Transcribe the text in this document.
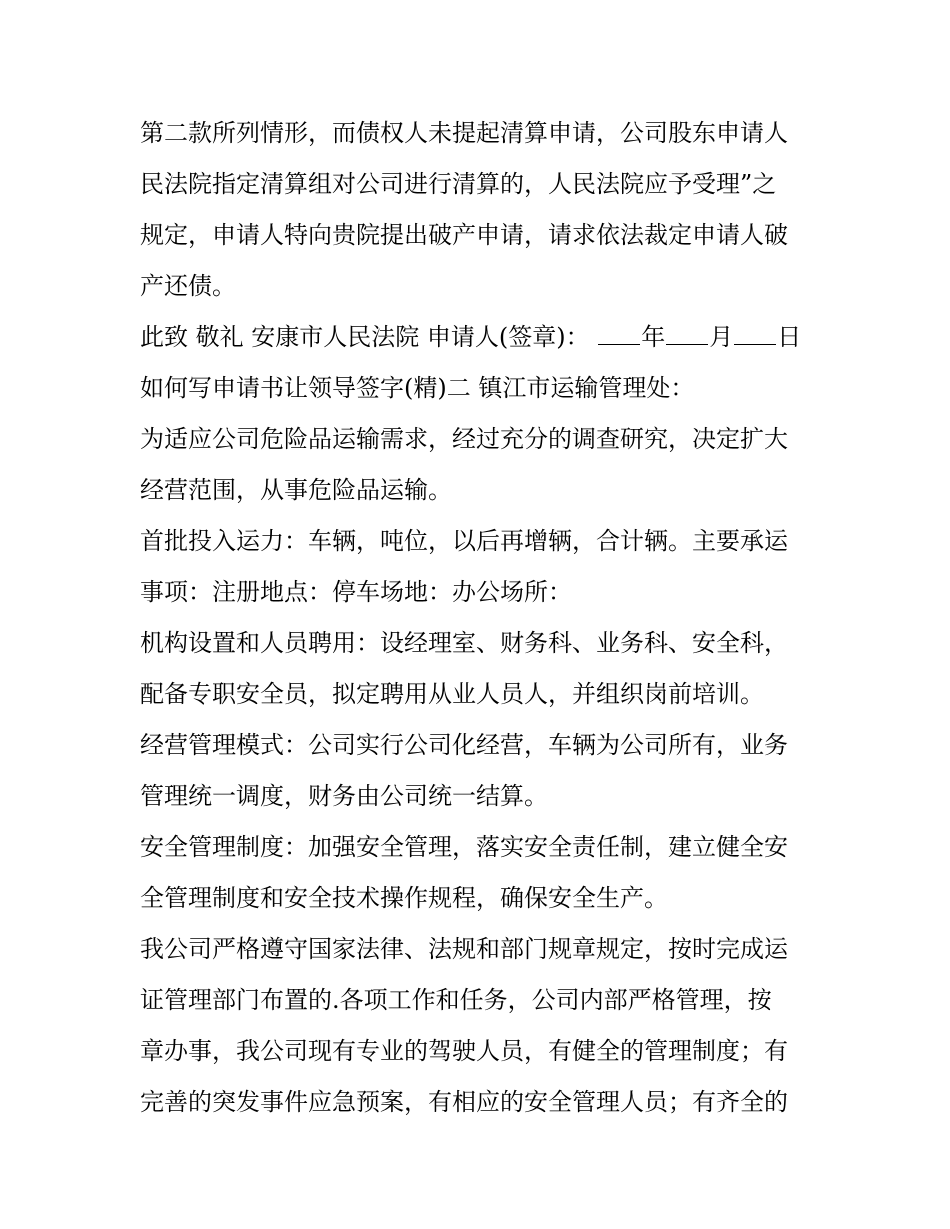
第二款所列情形，而债权人未提起清算申请，公司股东申请人
民法院指定清算组对公司进行清算的，人民法院应予受理”之
规定，申请人特向贵院提出破产申请，请求依法裁定申请人破
产还债。
此致 敬礼 安康市人民法院 申请人(签章)： 年 月 日
如何写申请书让领导签字(精)二 镇江市运输管理处：
为适应公司危险品运输需求，经过充分的调查研究，决定扩大
经营范围，从事危险品运输。
首批投入运力：车辆，吨位，以后再增辆，合计辆。主要承运
事项：注册地点：停车场地：办公场所：
机构设置和人员聘用：设经理室、财务科、业务科、安全科，
配备专职安全员，拟定聘用从业人员人，并组织岗前培训。
经营管理模式：公司实行公司化经营，车辆为公司所有，业务
管理统一调度，财务由公司统一结算。
安全管理制度：加强安全管理，落实安全责任制，建立健全安
全管理制度和安全技术操作规程，确保安全生产。
我公司严格遵守国家法律、法规和部门规章规定，按时完成运
证管理部门布置的.各项工作和任务，公司内部严格管理，按
章办事，我公司现有专业的驾驶人员，有健全的管理制度；有
完善的突发事件应急预案，有相应的安全管理人员；有齐全的
